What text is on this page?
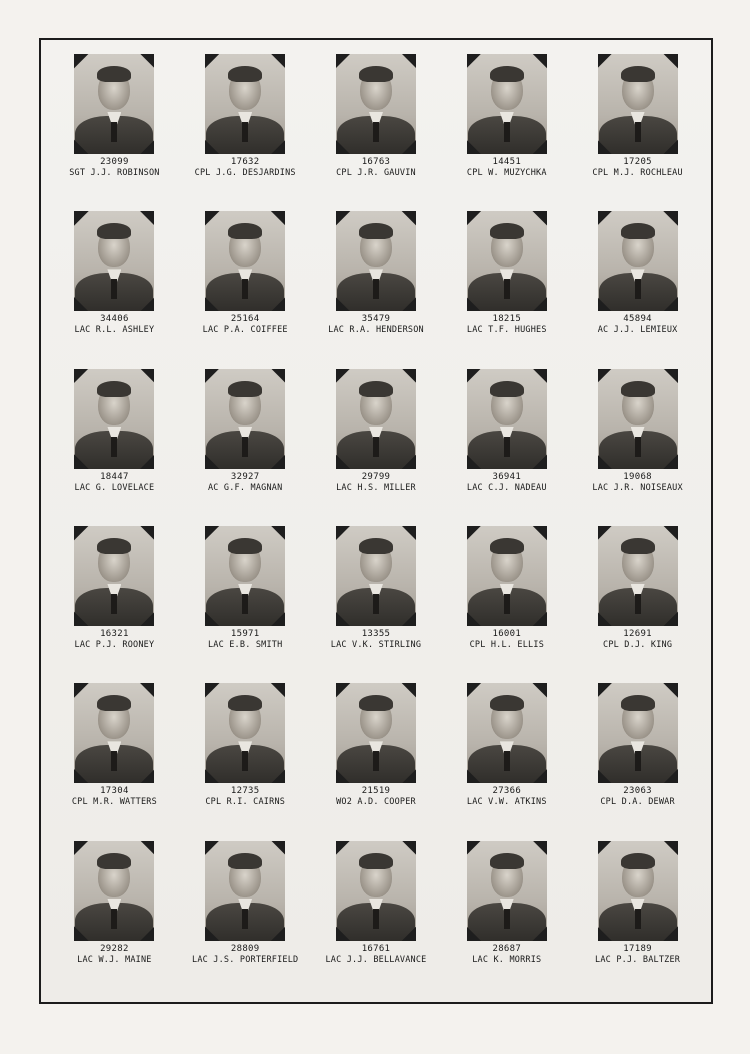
23099
SGT J.J. ROBINSON
17632
CPL J.G. DESJARDINS
16763
CPL J.R. GAUVIN
14451
CPL W. MUZYCHKA
17205
CPL M.J. ROCHLEAU
34406
LAC R.L. ASHLEY
25164
LAC P.A. COIFFEE
35479
LAC R.A. HENDERSON
18215
LAC T.F. HUGHES
45894
AC J.J. LEMIEUX
18447
LAC G. LOVELACE
32927
AC G.F. MAGNAN
29799
LAC H.S. MILLER
36941
LAC C.J. NADEAU
19068
LAC J.R. NOISEAUX
16321
LAC P.J. ROONEY
15971
LAC E.B. SMITH
13355
LAC V.K. STIRLING
16001
CPL H.L. ELLIS
12691
CPL D.J. KING
17304
CPL M.R. WATTERS
12735
CPL R.I. CAIRNS
21519
WO2 A.D. COOPER
27366
LAC V.W. ATKINS
23063
CPL D.A. DEWAR
29282
LAC W.J. MAINE
28809
LAC J.S. PORTERFIELD
16761
LAC J.J. BELLAVANCE
28687
LAC K. MORRIS
17189
LAC P.J. BALTZER
